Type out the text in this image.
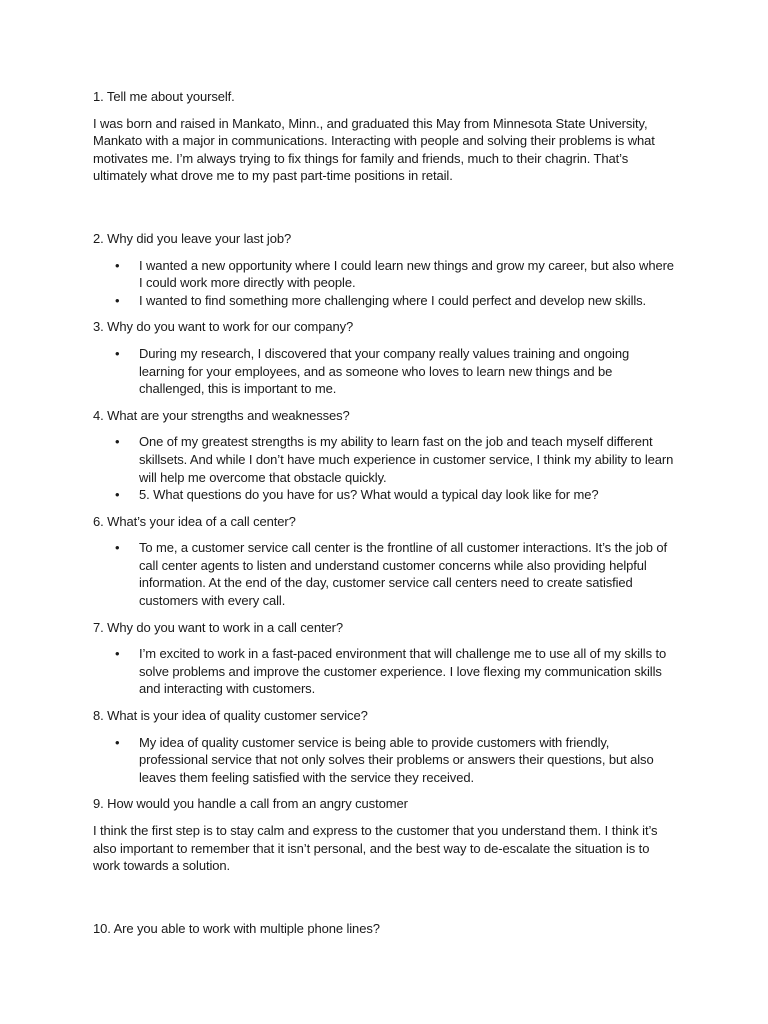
1. Tell me about yourself.
I was born and raised in Mankato, Minn., and graduated this May from Minnesota State University, Mankato with a major in communications. Interacting with people and solving their problems is what motivates me. I’m always trying to fix things for family and friends, much to their chagrin. That’s ultimately what drove me to my past part-time positions in retail.
2. Why did you leave your last job?
• I wanted a new opportunity where I could learn new things and grow my career, but also where I could work more directly with people.
• I wanted to find something more challenging where I could perfect and develop new skills.
3. Why do you want to work for our company?
• During my research, I discovered that your company really values training and ongoing learning for your employees, and as someone who loves to learn new things and be challenged, this is important to me.
4. What are your strengths and weaknesses?
• One of my greatest strengths is my ability to learn fast on the job and teach myself different skillsets. And while I don’t have much experience in customer service, I think my ability to learn will help me overcome that obstacle quickly.
• 5. What questions do you have for us? What would a typical day look like for me?
6. What’s your idea of a call center?
• To me, a customer service call center is the frontline of all customer interactions. It’s the job of call center agents to listen and understand customer concerns while also providing helpful information. At the end of the day, customer service call centers need to create satisfied customers with every call.
7. Why do you want to work in a call center?
• I’m excited to work in a fast-paced environment that will challenge me to use all of my skills to solve problems and improve the customer experience. I love flexing my communication skills and interacting with customers.
8. What is your idea of quality customer service?
• My idea of quality customer service is being able to provide customers with friendly, professional service that not only solves their problems or answers their questions, but also leaves them feeling satisfied with the service they received.
9. How would you handle a call from an angry customer
I think the first step is to stay calm and express to the customer that you understand them. I think it’s also important to remember that it isn’t personal, and the best way to de-escalate the situation is to work towards a solution.
10. Are you able to work with multiple phone lines?
